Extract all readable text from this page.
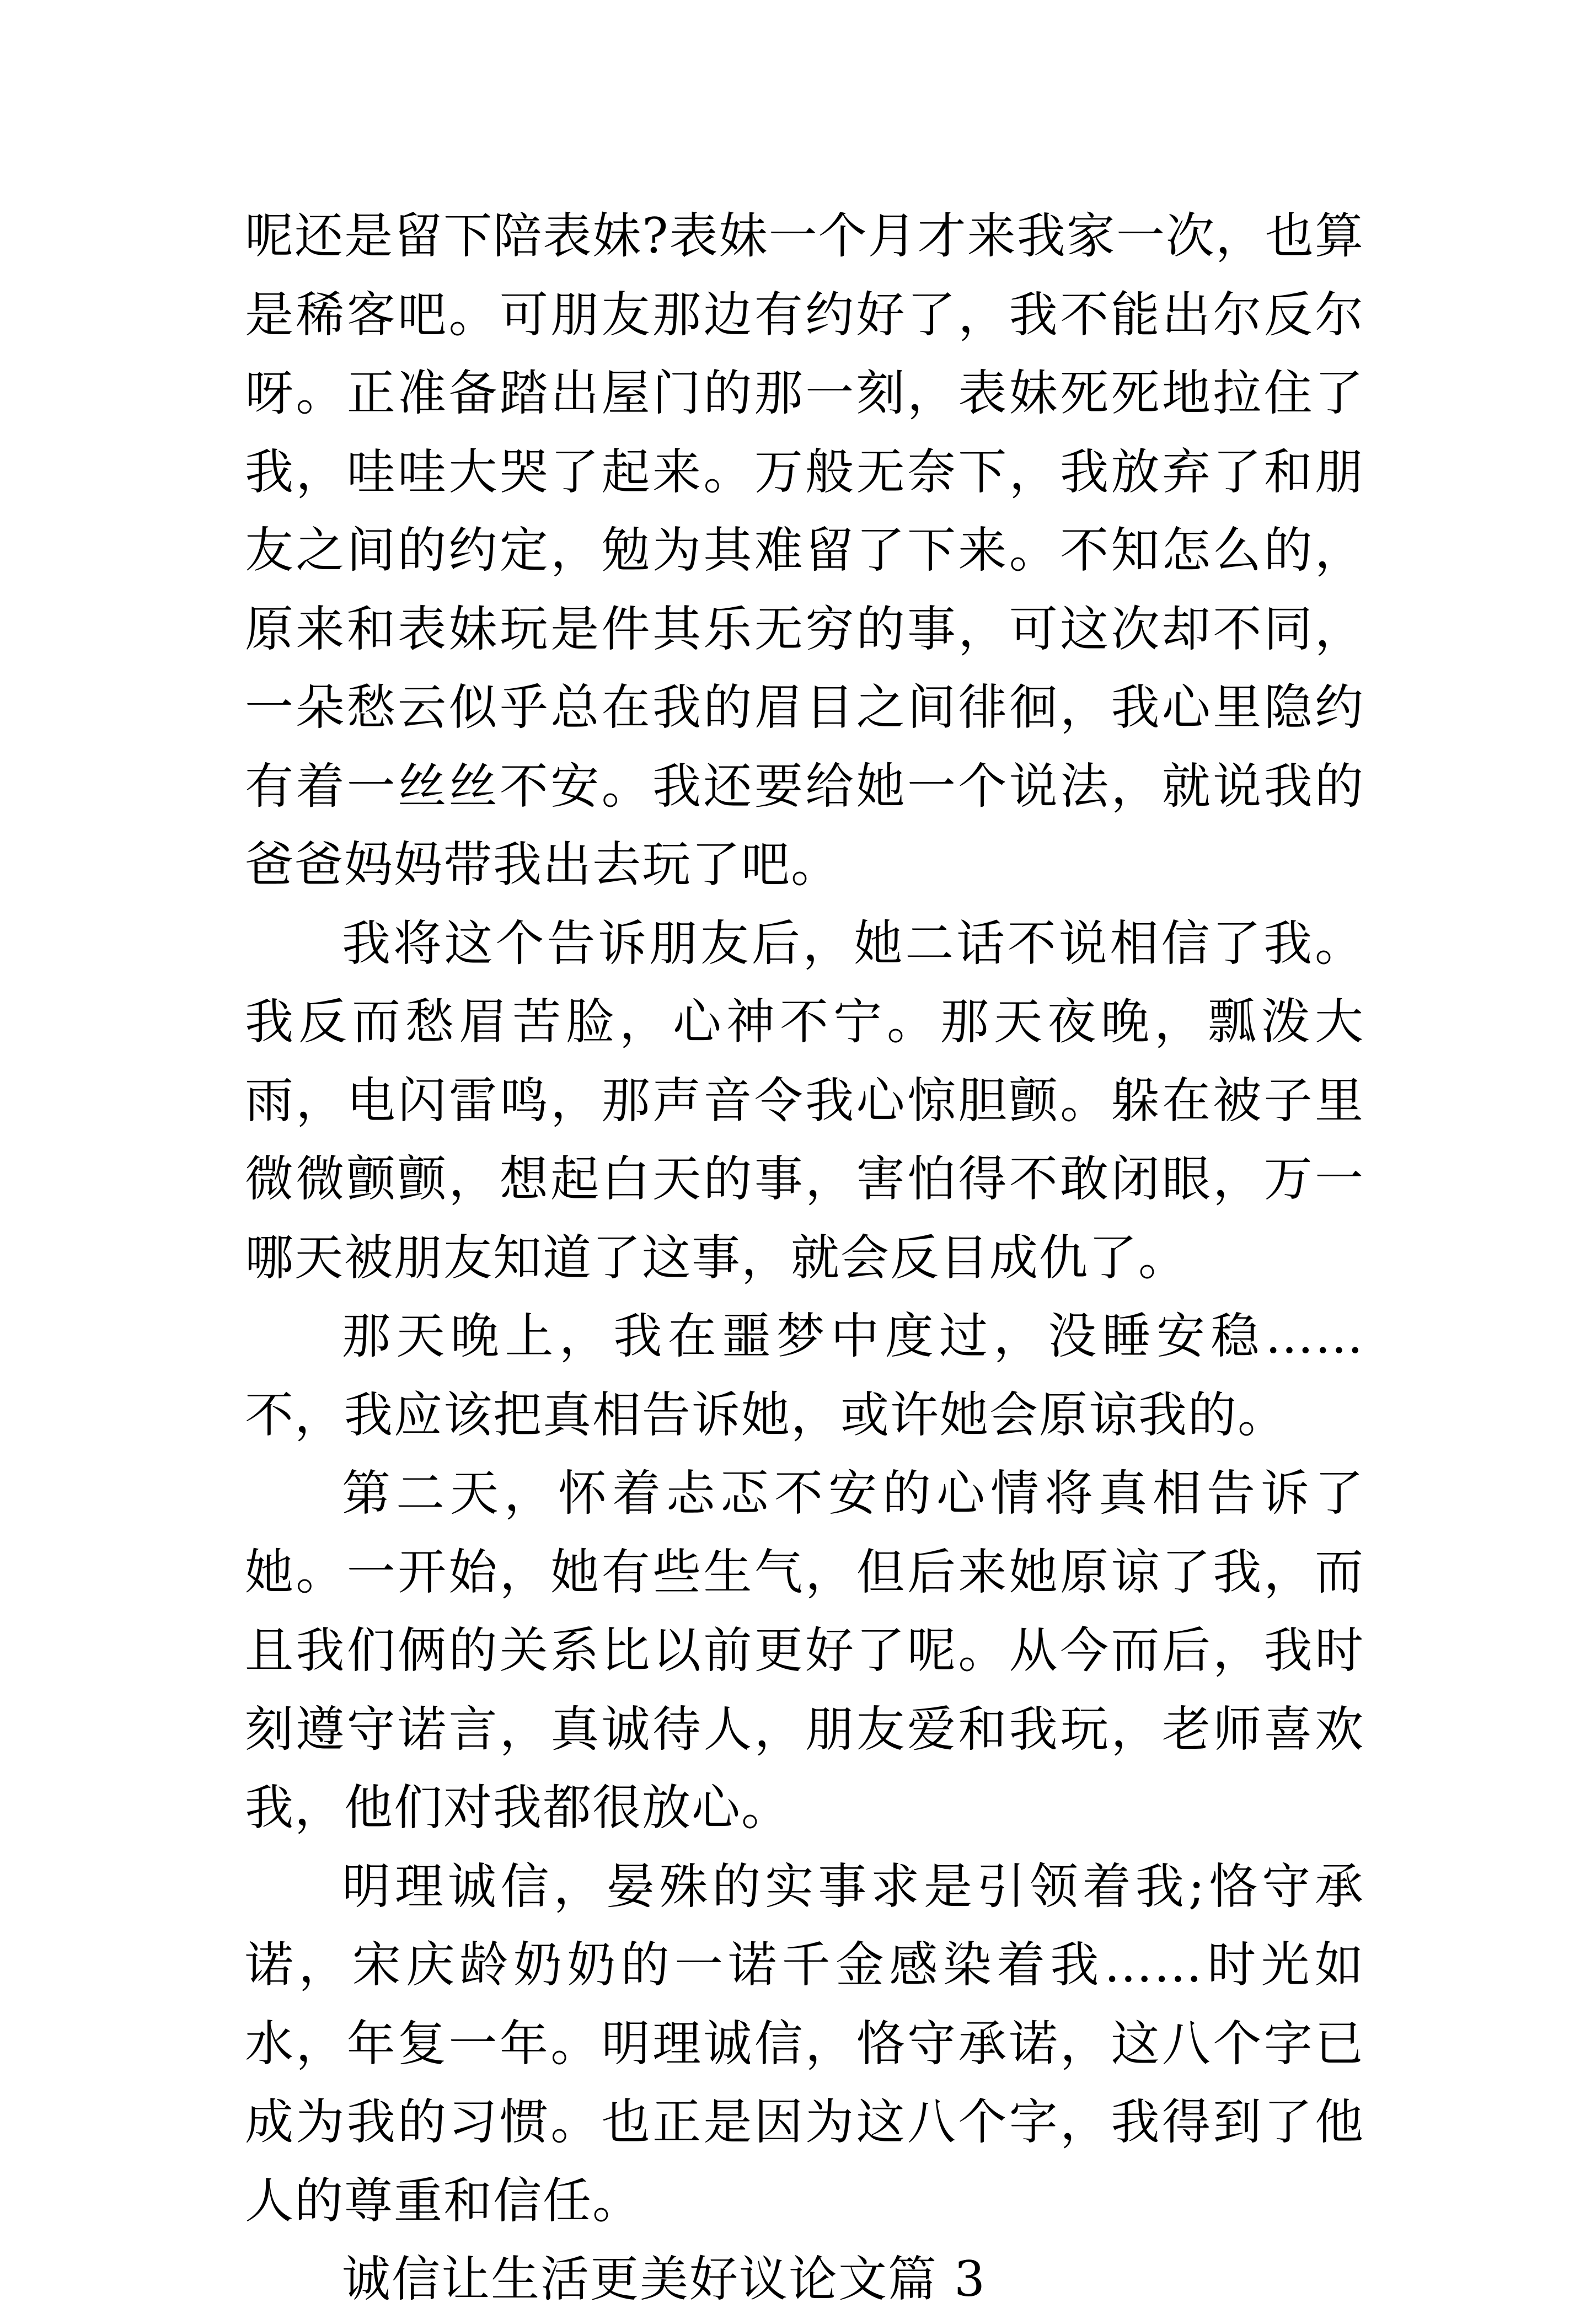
呢还是留下陪表妹?表妹一个月才来我家一次，也算是稀客吧。可朋友那边有约好了，我不能出尔反尔呀。正准备踏出屋门的那一刻，表妹死死地拉住了我，哇哇大哭了起来。万般无奈下，我放弃了和朋友之间的约定，勉为其难留了下来。不知怎么的，原来和表妹玩是件其乐无穷的事，可这次却不同，一朵愁云似乎总在我的眉目之间徘徊，我心里隐约有着一丝丝不安。我还要给她一个说法，就说我的爸爸妈妈带我出去玩了吧。

我将这个告诉朋友后，她二话不说相信了我。我反而愁眉苦脸，心神不宁。那天夜晚，瓢泼大雨，电闪雷鸣，那声音令我心惊胆颤。躲在被子里微微颤颤，想起白天的事，害怕得不敢闭眼，万一哪天被朋友知道了这事，就会反目成仇了。

那天晚上，我在噩梦中度过，没睡安稳……不，我应该把真相告诉她，或许她会原谅我的。

第二天，怀着忐忑不安的心情将真相告诉了她。一开始，她有些生气，但后来她原谅了我，而且我们俩的关系比以前更好了呢。从今而后，我时刻遵守诺言，真诚待人，朋友爱和我玩，老师喜欢我，他们对我都很放心。

明理诚信，晏殊的实事求是引领着我;恪守承诺，宋庆龄奶奶的一诺千金感染着我……时光如水，年复一年。明理诚信，恪守承诺，这八个字已成为我的习惯。也正是因为这八个字，我得到了他人的尊重和信任。

诚信让生活更美好议论文篇 3
